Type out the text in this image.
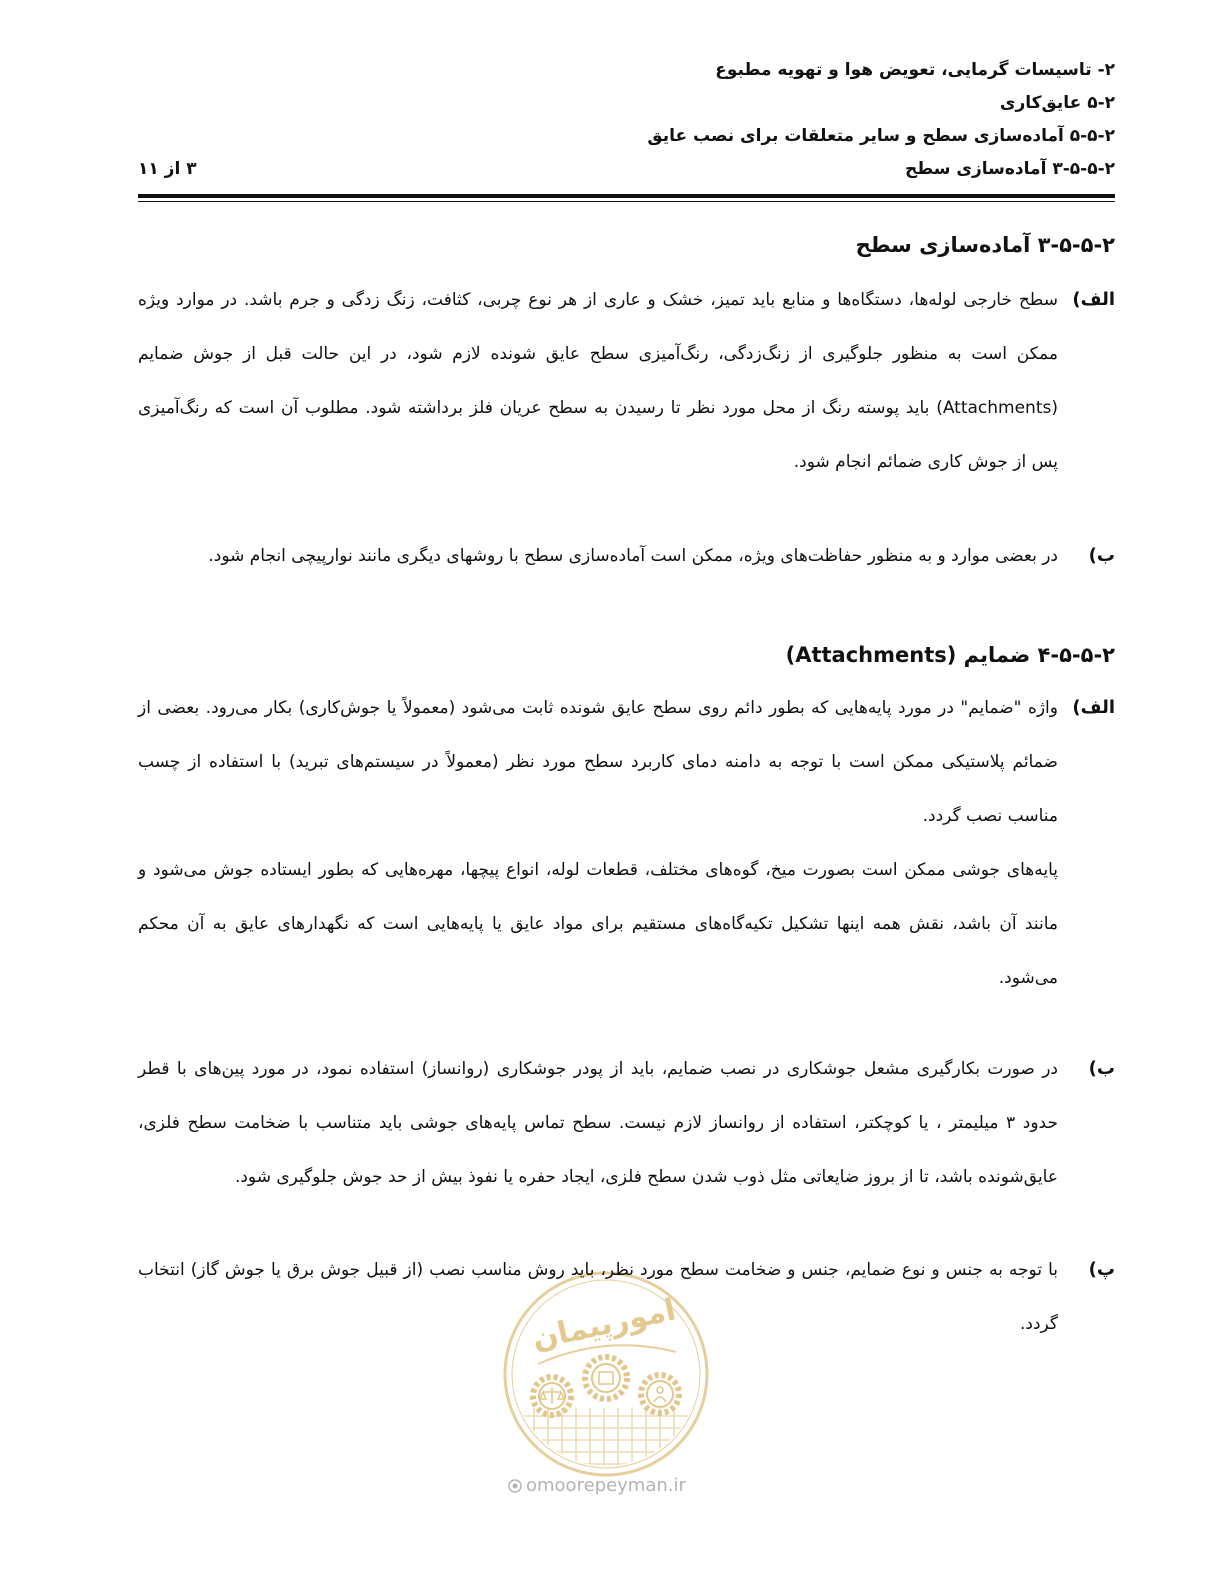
امورپیمان
omoorepeyman.ir
۲- تاسیسات گرمایی، تعویض هوا و تهویه مطبوع
۲-۵ عایق‌کاری
۲-۵-۵ آماده‌سازی سطح و سایر متعلقات برای نصب عایق
۲-۵-۵-۳ آماده‌سازی سطح
۳ از ۱۱
۲-۵-۵-۳ آماده‌سازی سطح
الف)

سطح خارجی لوله‌ها، دستگاه‌ها و منابع باید تمیز، خشک و عاری از هر نوع چربی، کثافت، زنگ زدگی و جرم باشد. در موارد ویژه ممکن است به منظور جلوگیری از زنگ‌زدگی، رنگ‌آمیزی سطح عایق شونده لازم شود، در این حالت قبل از جوش ضمایم (Attachments) باید پوسته رنگ از محل مورد نظر تا رسیدن به سطح عریان فلز برداشته شود. مطلوب آن است که رنگ‌آمیزی پس از جوش کاری ضمائم انجام شود.

ب)

در بعضی موارد و به منظور حفاظت‌های ویژه، ممکن است آماده‌سازی سطح با روشهای دیگری مانند نوارپیچی انجام شود.

۲-۵-۵-۴ ضمایم (Attachments)
الف)

واژه "ضمایم" در مورد پایه‌هایی که بطور دائم روی سطح عایق شونده ثابت می‌شود (معمولاً یا جوش‌کاری) بکار می‌رود. بعضی از ضمائم پلاستیکی ممکن است با توجه به دامنه دمای کاربرد سطح مورد نظر (معمولاً در سیستم‌های تبرید) با استفاده از چسب مناسب نصب گردد.

پایه‌های جوشی ممکن است بصورت میخ، گوه‌های مختلف، قطعات لوله، انواع پیچها، مهره‌هایی که بطور ایستاده جوش می‌شود و مانند آن باشد، نقش همه اینها تشکیل تکیه‌گاه‌های مستقیم برای مواد عایق یا پایه‌هایی است که نگهدارهای عایق به آن محکم می‌شود.

ب)

در صورت بکارگیری مشعل جوشکاری در نصب ضمایم، باید از پودر جوشکاری (روانساز) استفاده نمود، در مورد پین‌های با قطر حدود ۳ میلیمتر ، یا کوچکتر، استفاده از روانساز لازم نیست. سطح تماس پایه‌های جوشی باید متناسب با ضخامت سطح فلزی، عایق‌شونده باشد، تا از بروز ضایعاتی مثل ذوب شدن سطح فلزی، ایجاد حفره یا نفوذ بیش از حد جوش جلوگیری شود.

پ)

با توجه به جنس و نوع ضمایم، جنس و ضخامت سطح مورد نظر، باید روش مناسب نصب (از قبیل جوش برق یا جوش گاز) انتخاب گردد.
